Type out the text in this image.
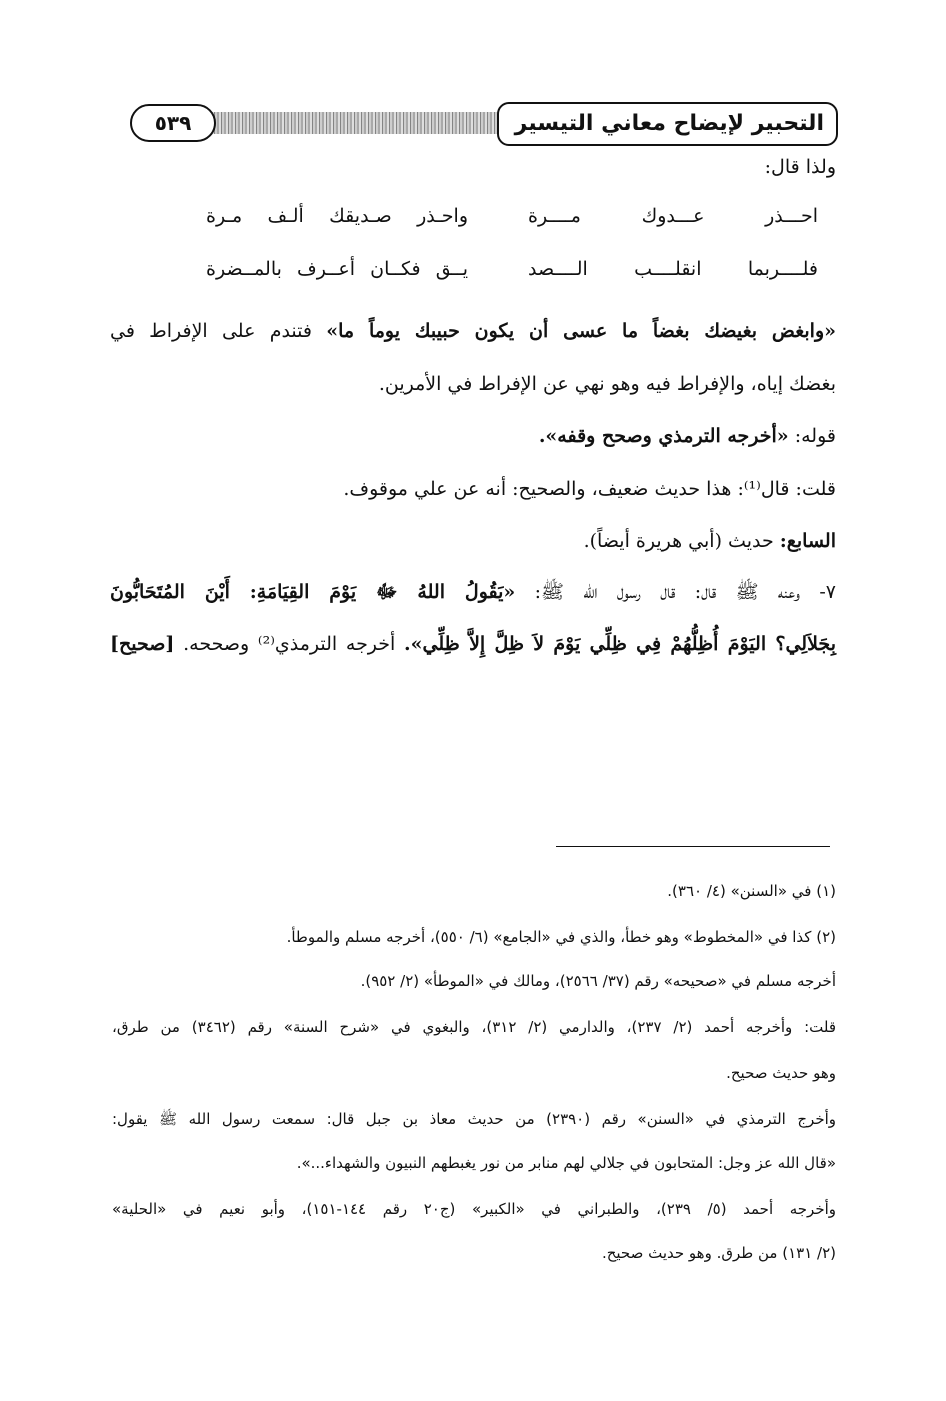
التحبير لإيضاح معاني التيسير
٥٣٩
ولذا قال:
احـــذر عـــدوك مــــرة
واحـذر صـديقك ألـف مـرة
فلــــربما انقلــــب الــــصد
يــق فكــان أعــرف بالمــضرة
«وابغض بغيضك بغضاً ما عسى أن يكون حبيبك يوماً ما» فتندم على الإفراط في
بغضك إياه، والإفراط فيه وهو نهي عن الإفراط في الأمرين.
قوله: «أخرجه الترمذي وصحح وقفه».
قلت: قال⁽¹⁾: هذا حديث ضعيف، والصحيح: أنه عن علي موقوف.
السابع: حديث (أبي هريرة أيضاً).
٧- وعنه ﷺ قال: قال رسول الله ﷺ: «يَقُولُ اللهُ ﷻ يَوْمَ القِيَامَةِ: أَيْنَ المُتَحَابُّونَ
بِجَلاَلِي؟ اليَوْمَ أُظِلُّهُمْ فِي ظِلِّي يَوْمَ لاَ ظِلَّ إِلاَّ ظِلِّي». أخرجه الترمذي⁽²⁾ وصححه. [صحيح]
(١) في «السنن» (٤/ ٣٦٠).
(٢) كذا في «المخطوط» وهو خطأ، والذي في «الجامع» (٦/ ٥٥٠)، أخرجه مسلم والموطأ.
أخرجه مسلم في «صحيحه» رقم (٣٧/ ٢٥٦٦)، ومالك في «الموطأ» (٢/ ٩٥٢).
قلت: وأخرجه أحمد (٢/ ٢٣٧)، والدارمي (٢/ ٣١٢)، والبغوي في «شرح السنة» رقم (٣٤٦٢) من طرق،
وهو حديث صحيح.
وأخرج الترمذي في «السنن» رقم (٢٣٩٠) من حديث معاذ بن جبل قال: سمعت رسول الله ﷺ يقول:
«قال الله عز وجل: المتحابون في جلالي لهم منابر من نور يغبطهم النبيون والشهداء...».
وأخرجه أحمد (٥/ ٢٣٩)، والطبراني في «الكبير» (ج٢٠ رقم ١٤٤-١٥١)، وأبو نعيم في «الحلية»
(٢/ ١٣١) من طرق. وهو حديث صحيح.
